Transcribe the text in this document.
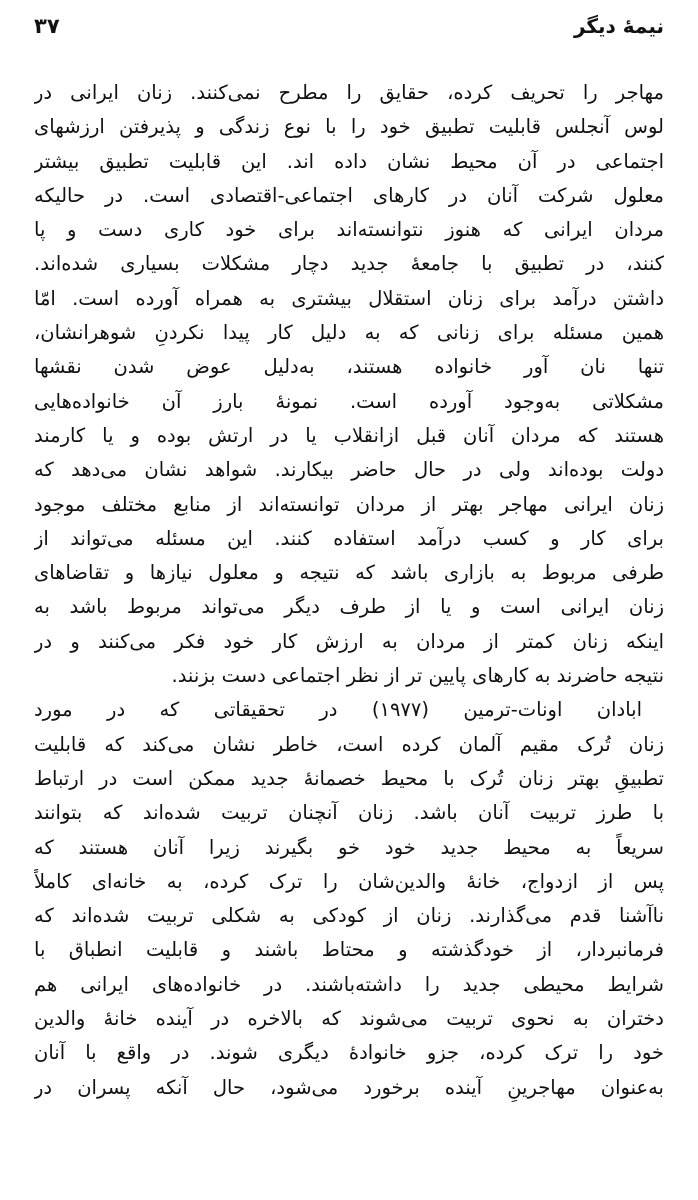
۳۷	نیمهٔ دیگر
مهاجر را تحریف کرده، حقایق را مطرح نمی‌کنند. زنان ایرانی در
لوس آنجلس قابلیت تطبیق خود را با نوع زندگی و پذیرفتن ارزشهای
اجتماعی در آن محیط نشان داده اند. این قابلیت تطبیق بیشتر
معلول شرکت آنان در کارهای اجتماعی-اقتصادی است. در حالیکه
مردان ایرانی که هنوز نتوانسته‌اند برای خود کاری دست و پا
کنند، در تطبیق با جامعهٔ جدید دچار مشکلات بسیاری شده‌اند.
داشتن درآمد برای زنان استقلال بیشتری به همراه آورده است. امّا
همین مسئله برای زنانی که به دلیل کار پیدا نکردنِ شوهرانشان،
تنها نان آور خانواده هستند، به‌دلیل عوض شدن نقشها
مشکلاتی به‌وجود آورده است. نمونهٔ بارز آن خانواده‌هایی
هستند که مردان آنان قبل ازانقلاب یا در ارتش بوده و یا کارمند
دولت بوده‌اند ولی در حال حاضر بیکارند. شواهد نشان می‌دهد که
زنان ایرانی مهاجر بهتر از مردان توانسته‌اند از منابع مختلف موجود
برای کار و کسب درآمد استفاده کنند. این مسئله می‌تواند از
طرفی مربوط به بازاری باشد که نتیجه و معلول نیازها و تقاضاهای
زنان ایرانی است و یا از طرف دیگر می‌تواند مربوط باشد به
اینکه زنان کمتر از مردان به ارزش کار خود فکر می‌کنند و در
نتیجه حاضرند به کارهای پایین تر از نظر اجتماعی دست بزنند.
ابادان اونات-ترمین (۱۹۷۷) در تحقیقاتی که در مورد
زنان تُرک مقیم آلمان کرده است، خاطر نشان می‌کند که قابلیت
تطبیقِ بهتر زنان تُرک با محیط خصمانهٔ جدید ممکن است در ارتباط
با طرز تربیت آنان باشد. زنان آنچنان تربیت شده‌اند که بتوانند
سریعاً به محیط جدید خود خو بگیرند زیرا آنان هستند که
پس از ازدواج، خانهٔ والدین‌شان را ترک کرده، به خانه‌ای کاملاً
ناآشنا قدم می‌گذارند. زنان از کودکی به شکلی تربیت شده‌اند که
فرمانبردار، از خودگذشته و محتاط باشند و قابلیت انطباق با
شرایط محیطی جدید را داشته‌باشند. در خانواده‌های ایرانی هم
دختران به نحوی تربیت می‌شوند که بالاخره در آینده خانهٔ والدین
خود را ترک کرده، جزو خانوادهٔ دیگری شوند. در واقع با آنان
به‌عنوان مهاجرینِ آینده برخورد می‌شود، حال آنکه پسران در
